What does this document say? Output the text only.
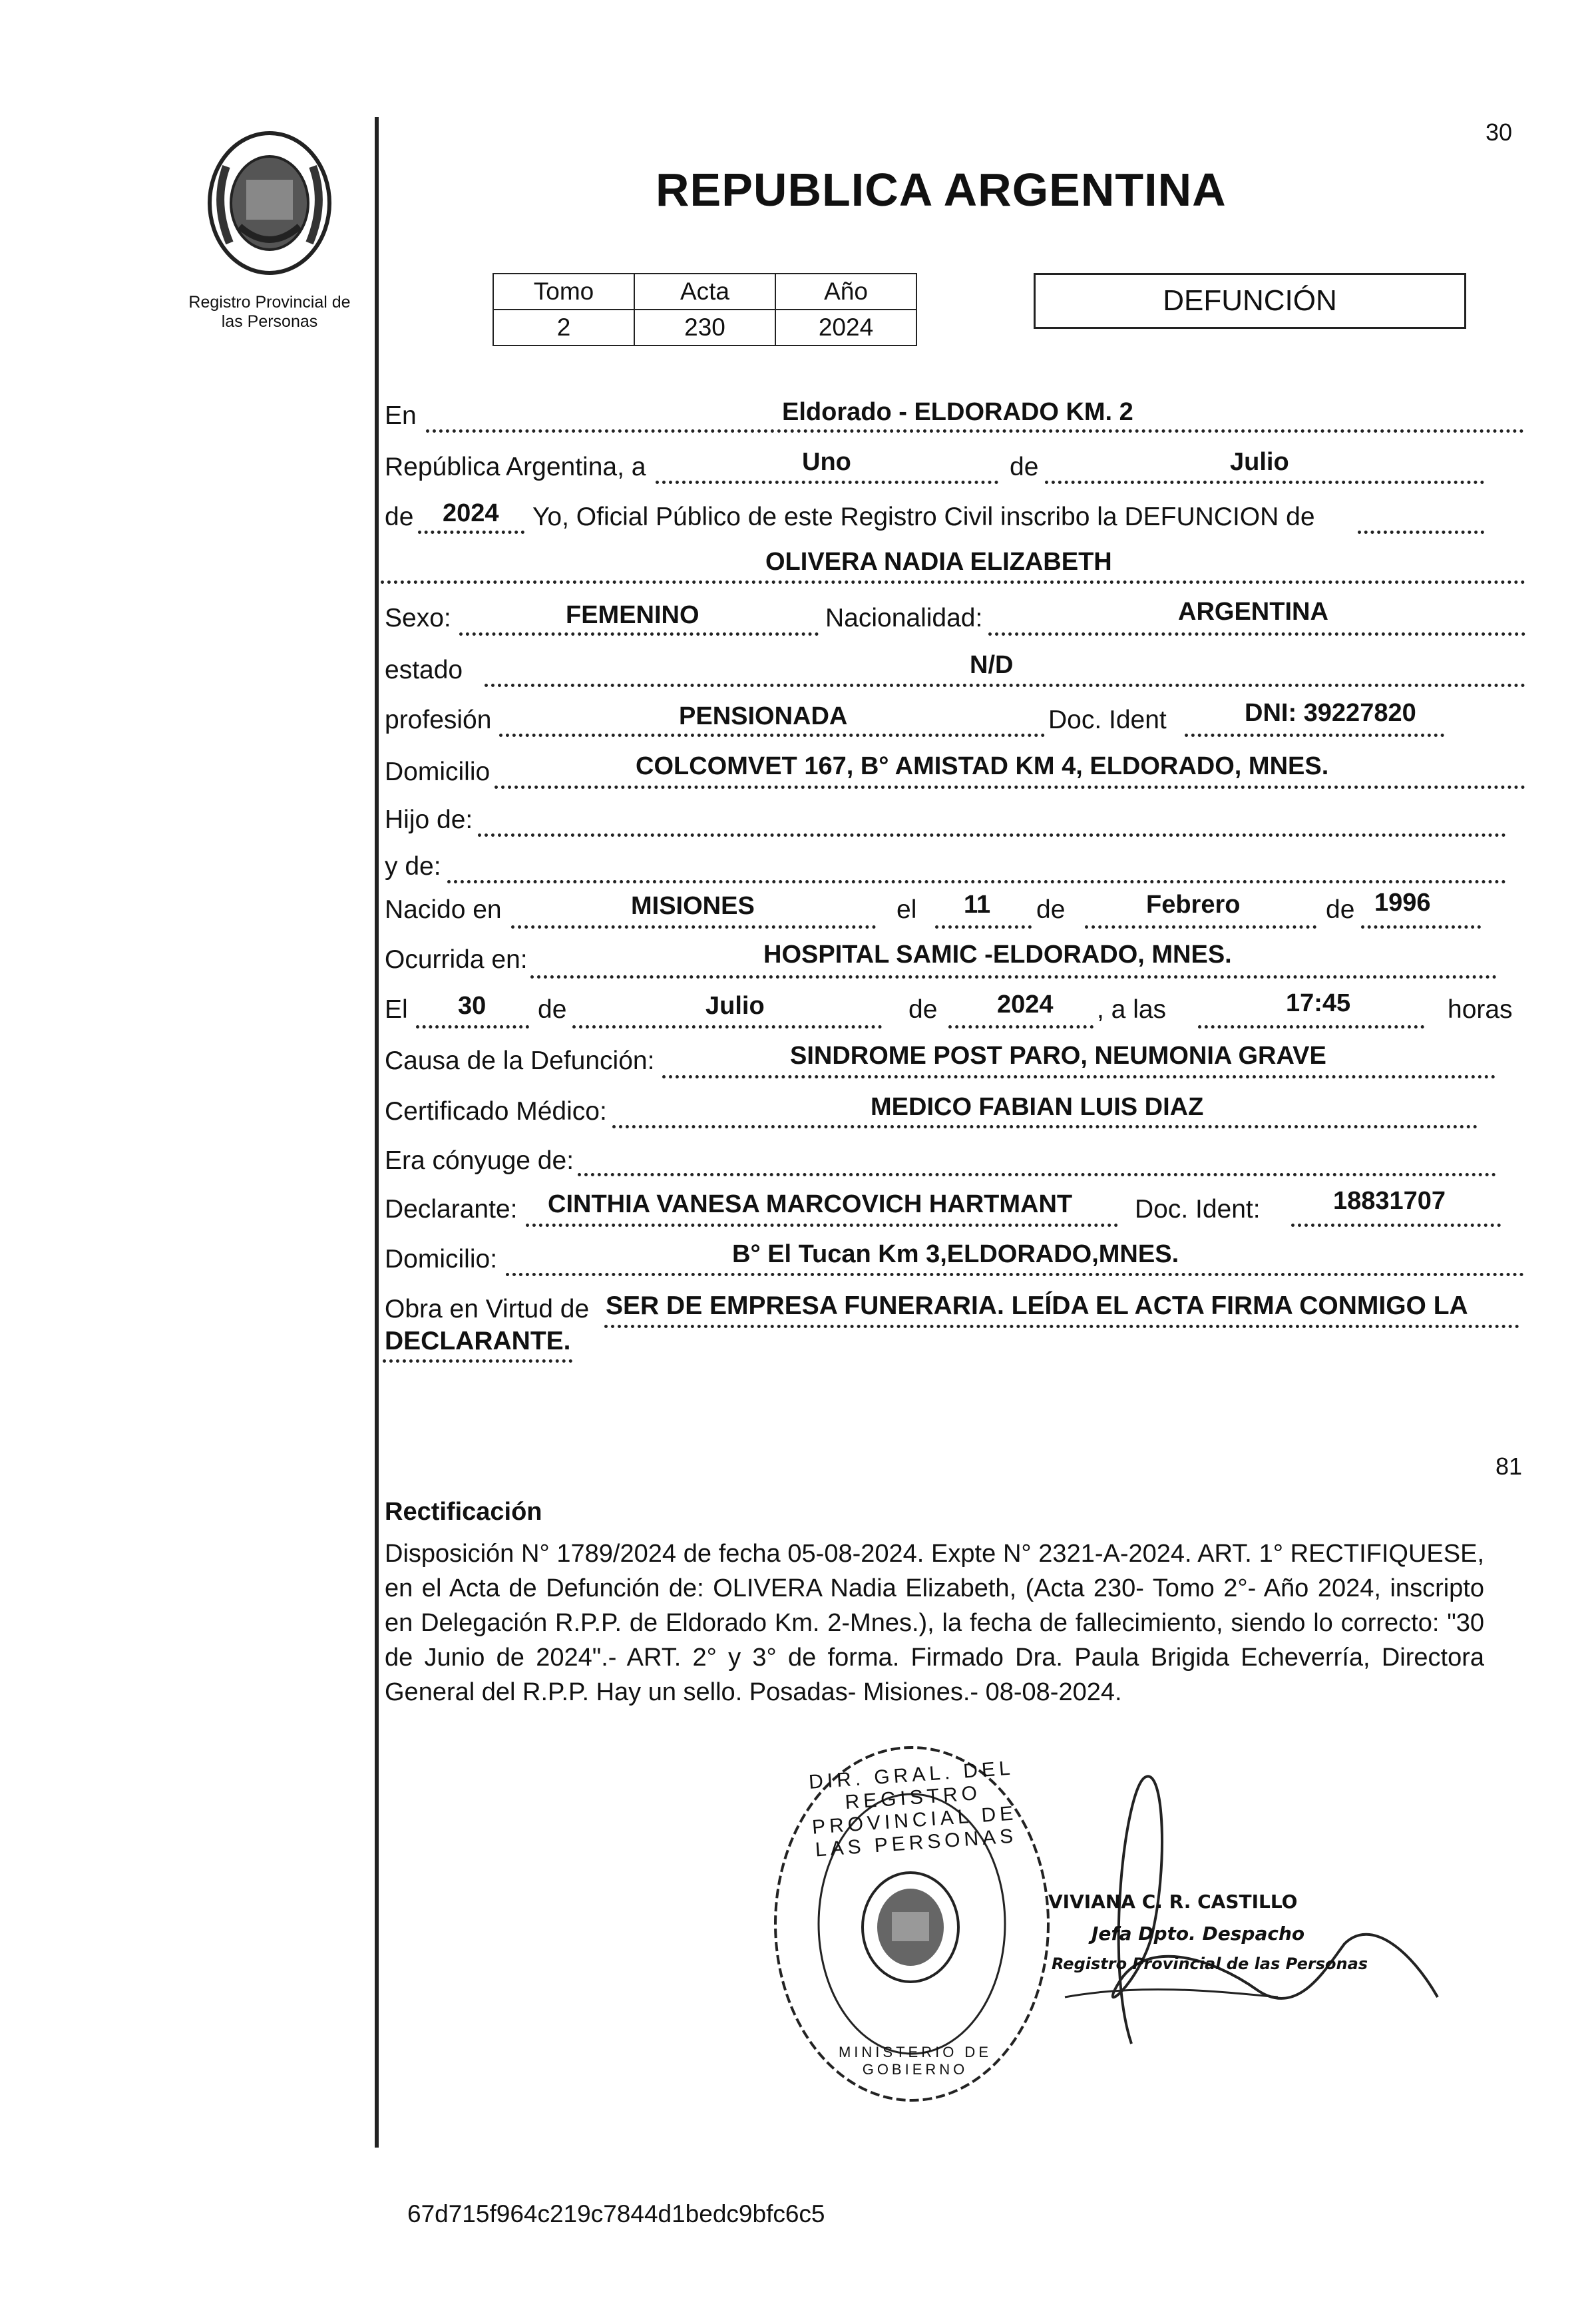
Registro Provincial de
las Personas
30
REPUBLICA ARGENTINA
Tomo	Acta	Año
2	230	2024
DEFUNCIÓN
En	Eldorado - ELDORADO KM. 2
República Argentina, a	Uno	de	Julio
de 2024 Yo, Oficial Público de este Registro Civil inscribo la DEFUNCION de
OLIVERA NADIA ELIZABETH
Sexo:	FEMENINO	Nacionalidad:	ARGENTINA
estado	N/D
profesión	PENSIONADA	Doc. Ident	DNI: 39227820
Domicilio	COLCOMVET 167, B° AMISTAD KM 4, ELDORADO, MNES.
Hijo de:
y de:
Nacido en	MISIONES	el 11 de	Febrero	de 1996
Ocurrida en:	HOSPITAL SAMIC -ELDORADO, MNES.
El 30 de	Julio	de 2024 , a las	17:45	horas
Causa de la Defunción:	SINDROME POST PARO, NEUMONIA GRAVE
Certificado Médico:	MEDICO FABIAN LUIS DIAZ
Era cónyuge de:
Declarante: CINTHIA VANESA MARCOVICH HARTMANT Doc. Ident:	18831707
Domicilio:	B° El Tucan Km 3,ELDORADO,MNES.
Obra en Virtud de SER DE EMPRESA FUNERARIA. LEÍDA EL ACTA FIRMA CONMIGO LA
DECLARANTE.
81
Rectificación
Disposición N° 1789/2024 de fecha 05-08-2024. Expte N° 2321-A-2024. ART. 1° RECTIFIQUESE, en el Acta de Defunción de: OLIVERA Nadia Elizabeth, (Acta 230- Tomo 2°- Año 2024, inscripto en Delegación R.P.P. de Eldorado Km. 2-Mnes.), la fecha de fallecimiento, siendo lo correcto: "30 de Junio de 2024".- ART. 2° y 3° de forma. Firmado Dra. Paula Brigida Echeverría, Directora General del R.P.P. Hay un sello. Posadas- Misiones.- 08-08-2024.
DIR. GRAL. DEL REGISTRO PROVINCIAL DE LAS PERSONAS
MINISTERIO DE GOBIERNO
VIVIANA C. R. CASTILLO
Jefa Dpto. Despacho
Registro Provincial de las Personas
67d715f964c219c7844d1bedc9bfc6c5
